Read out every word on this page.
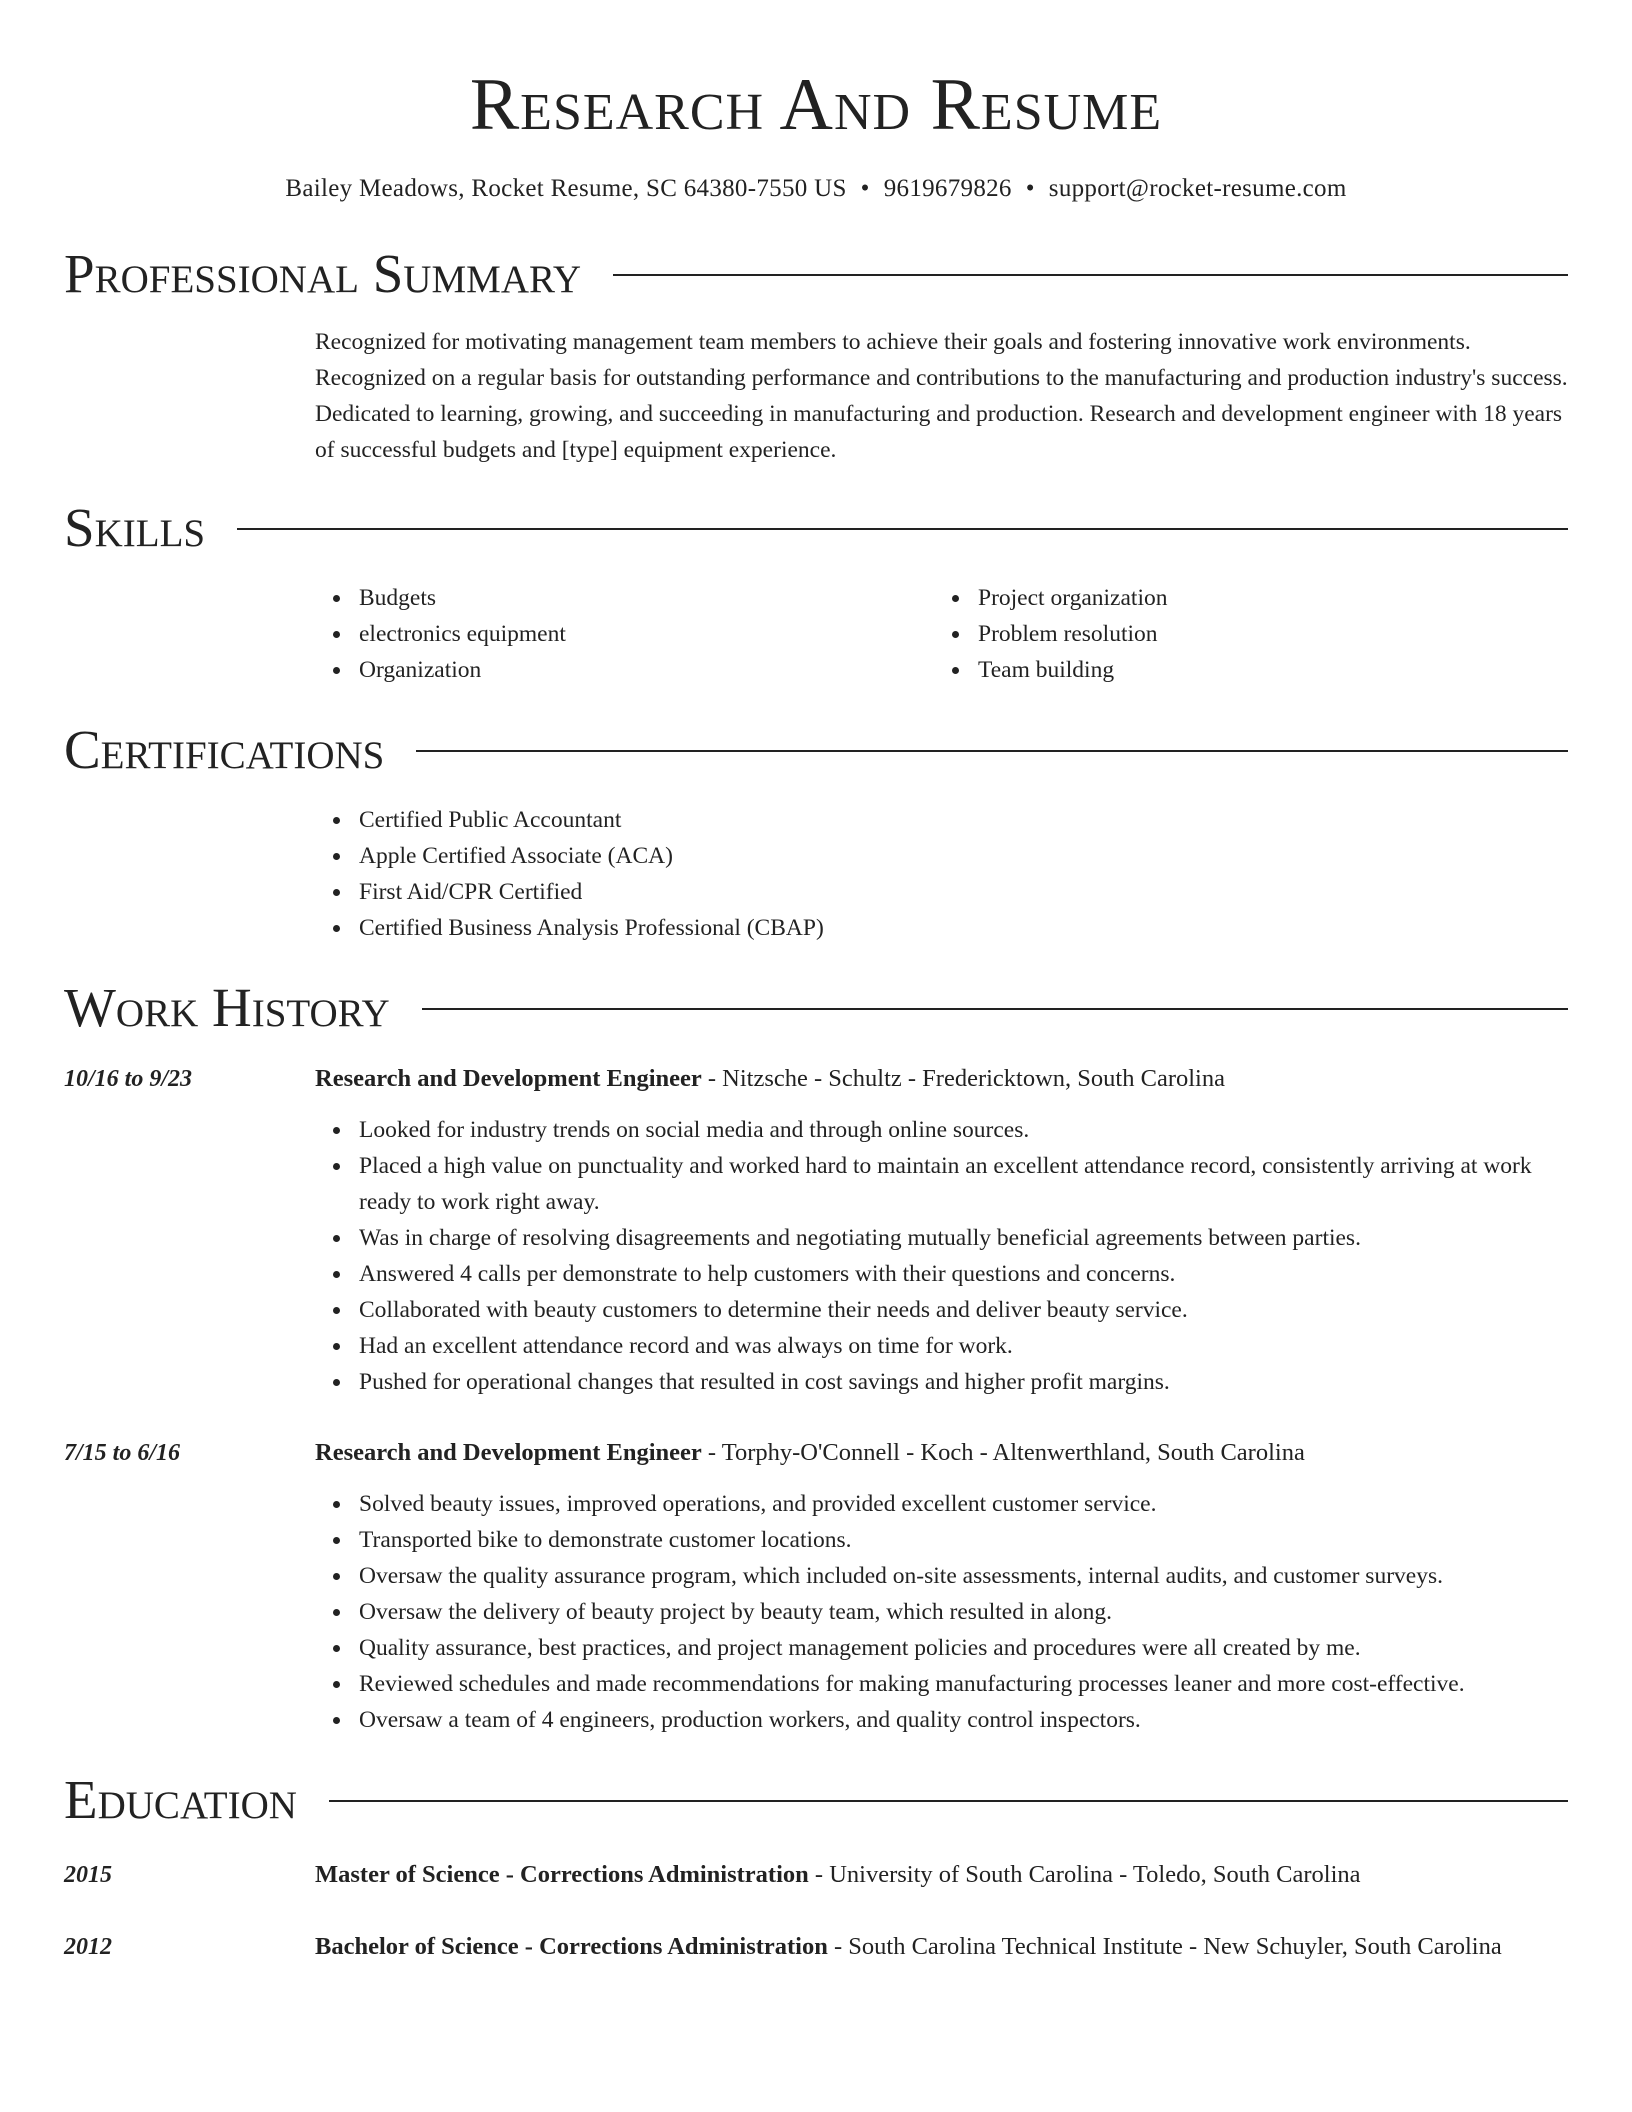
Research And Resume
Bailey Meadows, Rocket Resume, SC 64380-7550 US • 9619679826 • support@rocket-resume.com
Professional Summary
Recognized for motivating management team members to achieve their goals and fostering innovative work environments. Recognized on a regular basis for outstanding performance and contributions to the manufacturing and production industry's success. Dedicated to learning, growing, and succeeding in manufacturing and production. Research and development engineer with 18 years of successful budgets and [type] equipment experience.
Skills
Budgets
electronics equipment
Organization
Project organization
Problem resolution
Team building
Certifications
Certified Public Accountant
Apple Certified Associate (ACA)
First Aid/CPR Certified
Certified Business Analysis Professional (CBAP)
Work History
10/16 to 9/23	Research and Development Engineer - Nitzsche - Schultz - Fredericktown, South Carolina
Looked for industry trends on social media and through online sources.
Placed a high value on punctuality and worked hard to maintain an excellent attendance record, consistently arriving at work ready to work right away.
Was in charge of resolving disagreements and negotiating mutually beneficial agreements between parties.
Answered 4 calls per demonstrate to help customers with their questions and concerns.
Collaborated with beauty customers to determine their needs and deliver beauty service.
Had an excellent attendance record and was always on time for work.
Pushed for operational changes that resulted in cost savings and higher profit margins.
7/15 to 6/16	Research and Development Engineer - Torphy-O'Connell - Koch - Altenwerthland, South Carolina
Solved beauty issues, improved operations, and provided excellent customer service.
Transported bike to demonstrate customer locations.
Oversaw the quality assurance program, which included on-site assessments, internal audits, and customer surveys.
Oversaw the delivery of beauty project by beauty team, which resulted in along.
Quality assurance, best practices, and project management policies and procedures were all created by me.
Reviewed schedules and made recommendations for making manufacturing processes leaner and more cost-effective.
Oversaw a team of 4 engineers, production workers, and quality control inspectors.
Education
2015	Master of Science - Corrections Administration - University of South Carolina - Toledo, South Carolina
2012	Bachelor of Science - Corrections Administration - South Carolina Technical Institute - New Schuyler, South Carolina
